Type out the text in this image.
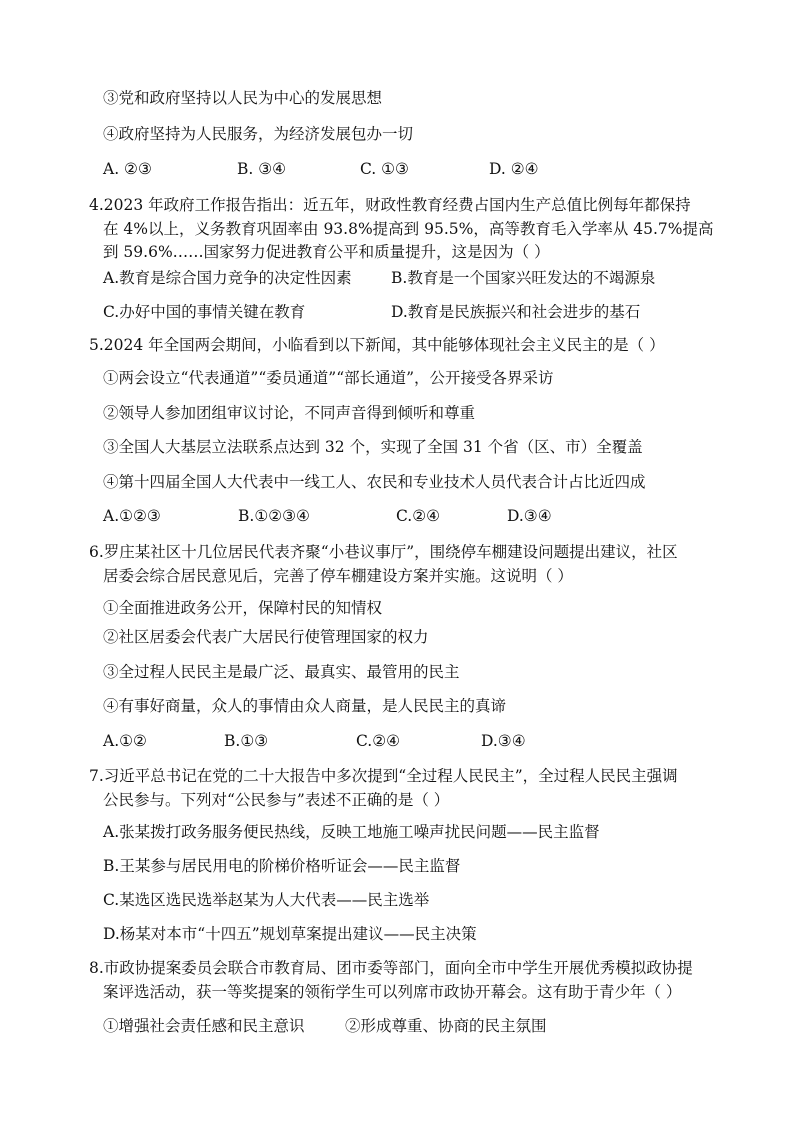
③党和政府坚持以人民为中心的发展思想
④政府坚持为人民服务，为经济发展包办一切
A. ②③	B. ③④	C. ①③	D. ②④
4.2023 年政府工作报告指出：近五年，财政性教育经费占国内生产总值比例每年都保持
在 4%以上，义务教育巩固率由 93.8%提高到 95.5%，高等教育毛入学率从 45.7%提高
到 59.6%……国家努力促进教育公平和质量提升，这是因为（ ）
A.教育是综合国力竞争的决定性因素	B.教育是一个国家兴旺发达的不竭源泉
C.办好中国的事情关键在教育	D.教育是民族振兴和社会进步的基石
5.2024 年全国两会期间，小临看到以下新闻，其中能够体现社会主义民主的是（ ）
①两会设立“代表通道”“委员通道”“部长通道”，公开接受各界采访
②领导人参加团组审议讨论，不同声音得到倾听和尊重
③全国人大基层立法联系点达到 32 个，实现了全国 31 个省（区、市）全覆盖
④第十四届全国人大代表中一线工人、农民和专业技术人员代表合计占比近四成
A.①②③	B.①②③④	C.②④	D.③④
6.罗庄某社区十几位居民代表齐聚“小巷议事厅”，围绕停车棚建设问题提出建议，社区
居委会综合居民意见后，完善了停车棚建设方案并实施。这说明（ ）
①全面推进政务公开，保障村民的知情权
②社区居委会代表广大居民行使管理国家的权力
③全过程人民民主是最广泛、最真实、最管用的民主
④有事好商量，众人的事情由众人商量，是人民民主的真谛
A.①②	B.①③	C.②④	D.③④
7.习近平总书记在党的二十大报告中多次提到“全过程人民民主”，全过程人民民主强调
公民参与。下列对“公民参与”表述不正确的是（ ）
A.张某拨打政务服务便民热线，反映工地施工噪声扰民问题——民主监督
B.王某参与居民用电的阶梯价格听证会——民主监督
C.某选区选民选举赵某为人大代表——民主选举
D.杨某对本市“十四五”规划草案提出建议——民主决策
8.市政协提案委员会联合市教育局、团市委等部门，面向全市中学生开展优秀模拟政协提
案评选活动，获一等奖提案的领衔学生可以列席市政协开幕会。这有助于青少年（ ）
①增强社会责任感和民主意识	②形成尊重、协商的民主氛围
